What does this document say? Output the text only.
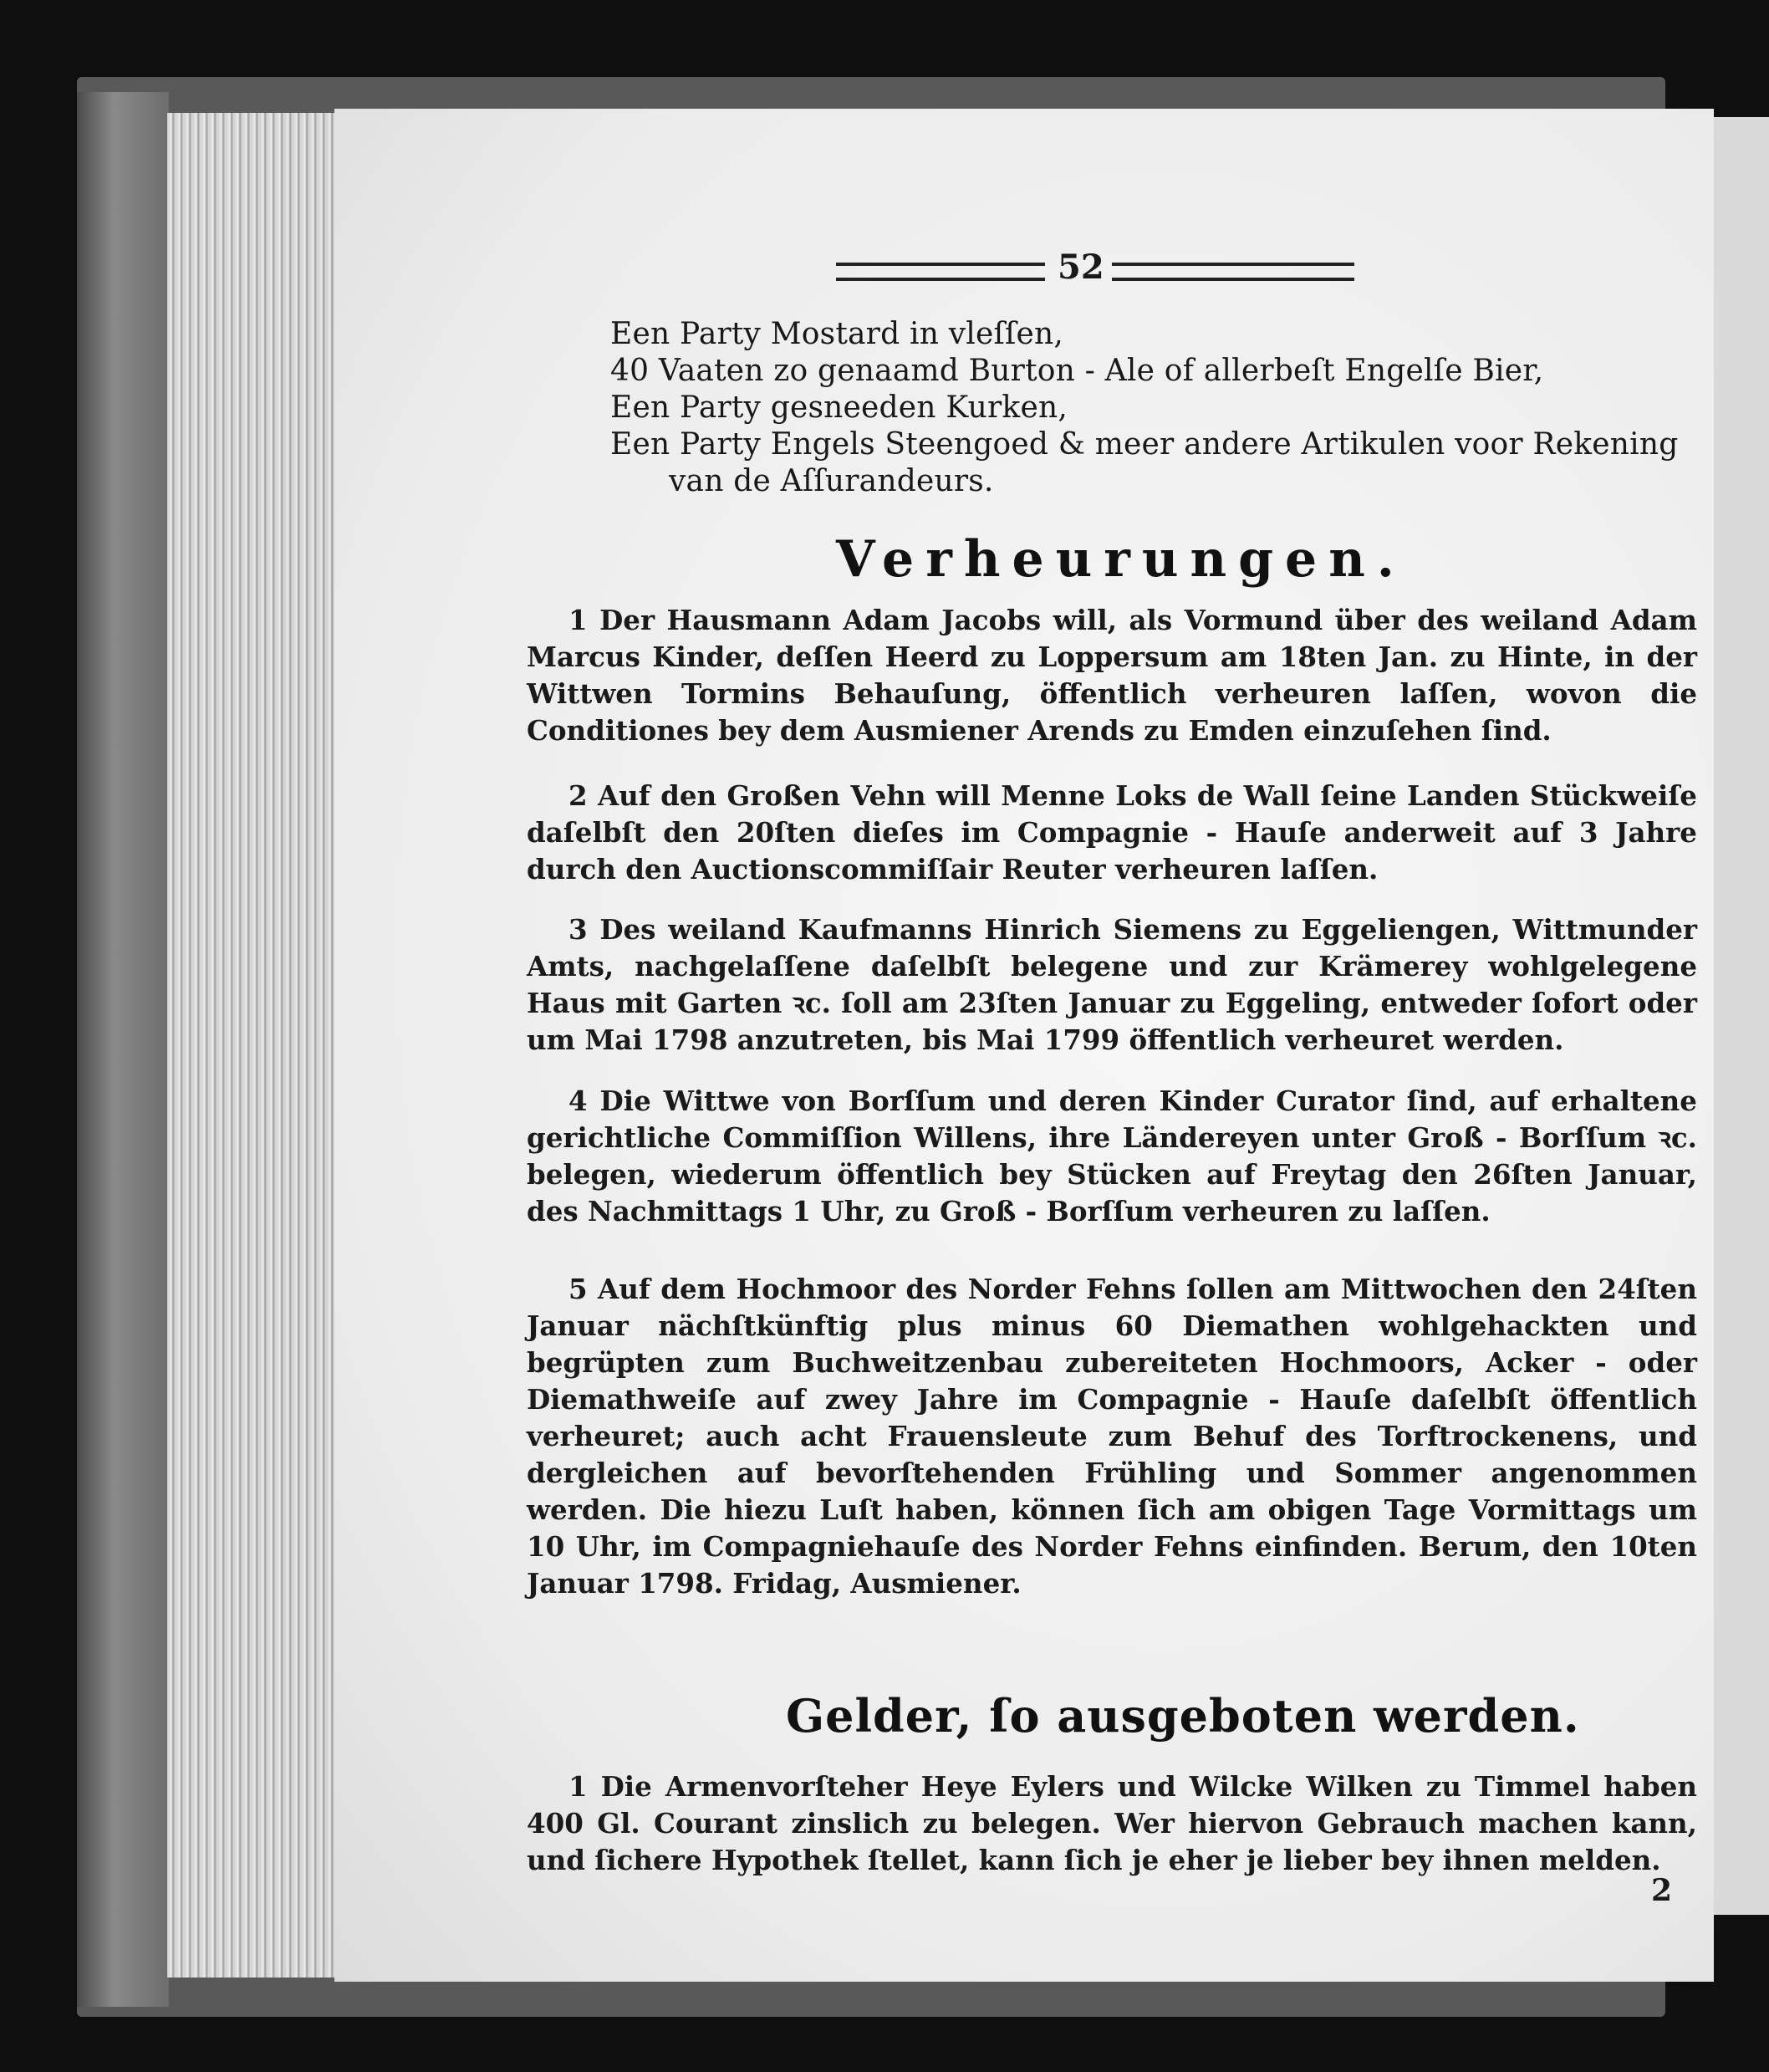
52
Een Party Mostard in vleſſen,
40 Vaaten zo genaamd Burton - Ale of allerbeſt Engelſe Bier,
Een Party gesneeden Kurken,
Een Party Engels Steengoed & meer andere Artikulen voor Rekening
van de Aſſurandeurs.
Verheurungen.

1 Der Hausmann Adam Jacobs will, als Vormund über des weiland Adam Marcus Kinder, deſſen Heerd zu Loppersum am 18ten Jan. zu Hinte, in der Wittwen Tormins Behauſung, öffentlich verheuren laſſen, wovon die Conditiones bey dem Ausmiener Arends zu Emden einzuſehen ſind.

2 Auf den Großen Vehn will Menne Loks de Wall ſeine Landen Stückweiſe daſelbſt den 20ſten dieſes im Compagnie - Hauſe anderweit auf 3 Jahre durch den Auctionscommiſſair Reuter verheuren laſſen.

3 Des weiland Kaufmanns Hinrich Siemens zu Eggeliengen, Wittmunder Amts, nachgelaſſene daſelbſt belegene und zur Krämerey wohlgelegene Haus mit Garten ꝛc. ſoll am 23ſten Januar zu Eggeling, entweder ſofort oder um Mai 1798 anzutreten, bis Mai 1799 öffentlich verheuret werden.

4 Die Wittwe von Borſſum und deren Kinder Curator ſind, auf erhaltene gerichtliche Commiſſion Willens, ihre Ländereyen unter Groß - Borſſum ꝛc. belegen, wiederum öffentlich bey Stücken auf Freytag den 26ſten Januar, des Nachmittags 1 Uhr, zu Groß - Borſſum verheuren zu laſſen.

5 Auf dem Hochmoor des Norder Fehns ſollen am Mittwochen den 24ſten Januar nächſtkünftig plus minus 60 Diemathen wohlgehackten und begrüpten zum Buchweitzenbau zubereiteten Hochmoors, Acker - oder Diemathweiſe auf zwey Jahre im Compagnie - Hauſe daſelbſt öffentlich verheuret; auch acht Frauensleute zum Behuf des Torftrockenens, und dergleichen auf bevorſtehenden Frühling und Sommer angenommen werden. Die hiezu Luſt haben, können ſich am obigen Tage Vormittags um 10 Uhr, im Compagniehauſe des Norder Fehns einfinden. Berum, den 10ten Januar 1798. Fridag, Ausmiener.

Gelder, ſo ausgeboten werden.

1 Die Armenvorſteher Heye Eylers und Wilcke Wilken zu Timmel haben 400 Gl. Courant zinslich zu belegen. Wer hiervon Gebrauch machen kann, und ſichere Hypothek ſtellet, kann ſich je eher je lieber bey ihnen melden.

2
